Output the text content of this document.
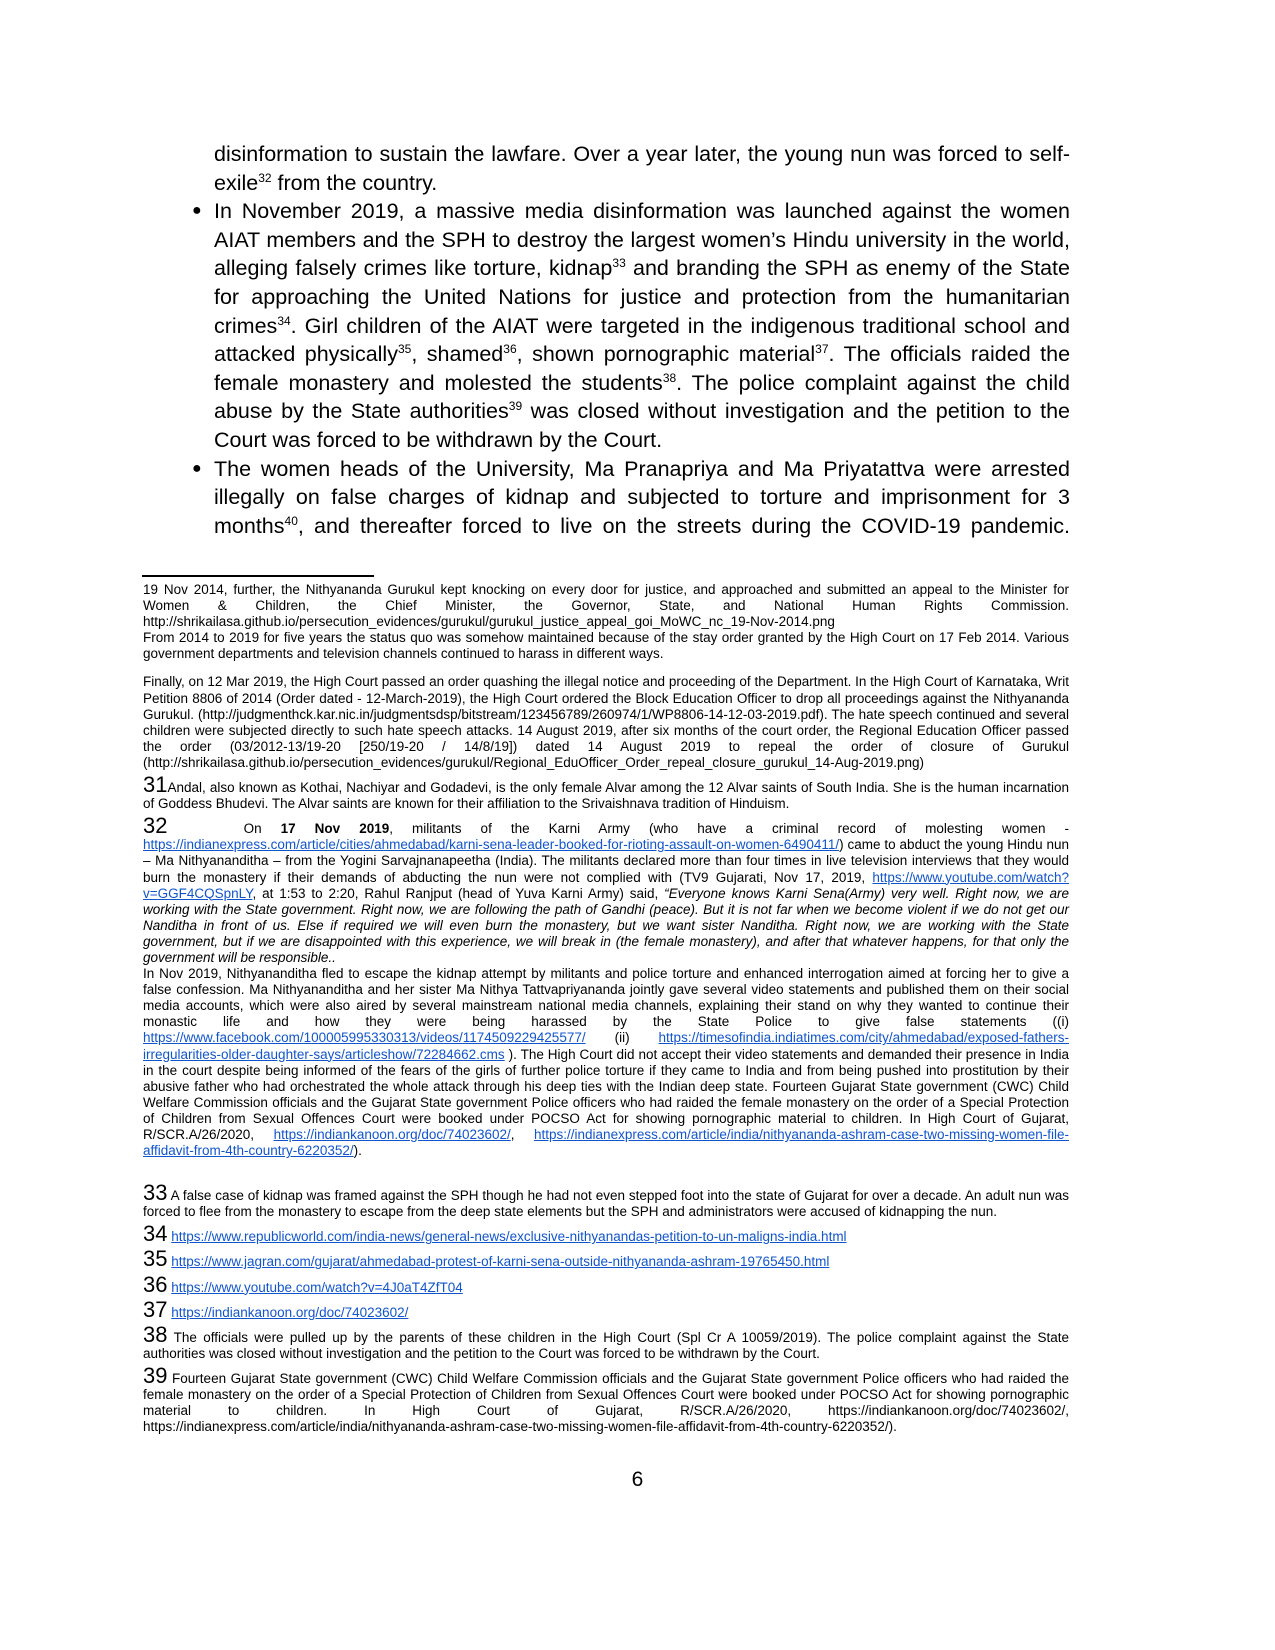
disinformation to sustain the lawfare. Over a year later, the young nun was forced to self-

exile$^{32}$ from the country.

● In November 2019, a massive media disinformation was launched against the women AIAT members and the SPH to destroy the largest women’s Hindu university in the world, alleging falsely crimes like torture, kidnap$^{33}$ and branding the SPH as enemy of the State for approaching the United Nations for justice and protection from the humanitarian crimes$^{34}$. Girl children of the AIAT were targeted in the indigenous traditional school and attacked physically$^{35}$, shamed$^{36}$, shown pornographic material$^{37}$. The officials raided the female monastery and molested the students$^{38}$. The police complaint against the child abuse by the State authorities$^{39}$ was closed without investigation and the petition to the Court was forced to be withdrawn by the Court.

● The women heads of the University, Ma Pranapriya and Ma Priyatattva were arrested illegally on false charges of kidnap and subjected to torture and imprisonment for 3 months$^{40}$, and thereafter forced to live on the streets during the COVID-19 pandemic.

19 Nov 2014, further, the Nithyananda Gurukul kept knocking on every door for justice, and approached and submitted an appeal to the Minister for Women & Children, the Chief Minister, the Governor, State, and National Human Rights Commission. http://shrikailasa.github.io/persecution_evidences/gurukul/gurukul_justice_appeal_goi_MoWC_nc_19-Nov-2014.png

From 2014 to 2019 for five years the status quo was somehow maintained because of the stay order granted by the High Court on 17 Feb 2014. Various government departments and television channels continued to harass in different ways.

Finally, on 12 Mar 2019, the High Court passed an order quashing the illegal notice and proceeding of the Department. In the High Court of Karnataka, Writ Petition 8806 of 2014 (Order dated - 12-March-2019), the High Court ordered the Block Education Officer to drop all proceedings against the Nithyananda Gurukul. (http://judgmenthck.kar.nic.in/judgmentsdsp/bitstream/123456789/260974/1/WP8806-14-12-03-2019.pdf). The hate speech continued and several children were subjected directly to such hate speech attacks. 14 August 2019, after six months of the court order, the Regional Education Officer passed the order (03/2012-13/19-20 [250/19-20 / 14/8/19]) dated 14 August 2019 to repeal the order of closure of Gurukul (http://shrikailasa.github.io/persecution_evidences/gurukul/Regional_EduOfficer_Order_repeal_closure_gurukul_14-Aug-2019.png)

31Andal, also known as Kothai, Nachiyar and Godadevi, is the only female Alvar among the 12 Alvar saints of South India. She is the human incarnation of Goddess Bhudevi. The Alvar saints are known for their affiliation to the Srivaishnava tradition of Hinduism.

32	On 17 Nov 2019, militants of the Karni Army (who have a criminal record of molesting women - https://indianexpress.com/article/cities/ahmedabad/karni-sena-leader-booked-for-rioting-assault-on-women-6490411/) came to abduct the young Hindu nun – Ma Nithyananditha – from the Yogini Sarvajnanapeetha (India). The militants declared more than four times in live television interviews that they would burn the monastery if their demands of abducting the nun were not complied with (TV9 Gujarati, Nov 17, 2019, https://www.youtube.com/watch?v=GGF4CQSpnLY, at 1:53 to 2:20, Rahul Ranjput (head of Yuva Karni Army) said, “Everyone knows Karni Sena(Army) very well. Right now, we are working with the State government. Right now, we are following the path of Gandhi (peace). But it is not far when we become violent if we do not get our Nanditha in front of us. Else if required we will even burn the monastery, but we want sister Nanditha. Right now, we are working with the State government, but if we are disappointed with this experience, we will break in (the female monastery), and after that whatever happens, for that only the government will be responsible..

In Nov 2019, Nithyananditha fled to escape the kidnap attempt by militants and police torture and enhanced interrogation aimed at forcing her to give a false confession. Ma Nithyananditha and her sister Ma Nithya Tattvapriyananda jointly gave several video statements and published them on their social media accounts, which were also aired by several mainstream national media channels, explaining their stand on why they wanted to continue their monastic life and how they were being harassed by the State Police to give false statements ((i) https://www.facebook.com/100005995330313/videos/1174509229425577/ (ii) https://timesofindia.indiatimes.com/city/ahmedabad/exposed-fathers-irregularities-older-daughter-says/articleshow/72284662.cms ). The High Court did not accept their video statements and demanded their presence in India in the court despite being informed of the fears of the girls of further police torture if they came to India and from being pushed into prostitution by their abusive father who had orchestrated the whole attack through his deep ties with the Indian deep state. Fourteen Gujarat State government (CWC) Child Welfare Commission officials and the Gujarat State government Police officers who had raided the female monastery on the order of a Special Protection of Children from Sexual Offences Court were booked under POCSO Act for showing pornographic material to children. In High Court of Gujarat, R/SCR.A/26/2020, https://indiankanoon.org/doc/74023602/, https://indianexpress.com/article/india/nithyananda-ashram-case-two-missing-women-file-affidavit-from-4th-country-6220352/).

33 A false case of kidnap was framed against the SPH though he had not even stepped foot into the state of Gujarat for over a decade. An adult nun was forced to flee from the monastery to escape from the deep state elements but the SPH and administrators were accused of kidnapping the nun.

34 https://www.republicworld.com/india-news/general-news/exclusive-nithyanandas-petition-to-un-maligns-india.html

35 https://www.jagran.com/gujarat/ahmedabad-protest-of-karni-sena-outside-nithyananda-ashram-19765450.html

36 https://www.youtube.com/watch?v=4J0aT4ZfT04

37 https://indiankanoon.org/doc/74023602/

38 The officials were pulled up by the parents of these children in the High Court (Spl Cr A 10059/2019). The police complaint against the State authorities was closed without investigation and the petition to the Court was forced to be withdrawn by the Court.

39 Fourteen Gujarat State government (CWC) Child Welfare Commission officials and the Gujarat State government Police officers who had raided the female monastery on the order of a Special Protection of Children from Sexual Offences Court were booked under POCSO Act for showing pornographic material to children. In High Court of Gujarat, R/SCR.A/26/2020, https://indiankanoon.org/doc/74023602/, https://indianexpress.com/article/india/nithyananda-ashram-case-two-missing-women-file-affidavit-from-4th-country-6220352/).

6
